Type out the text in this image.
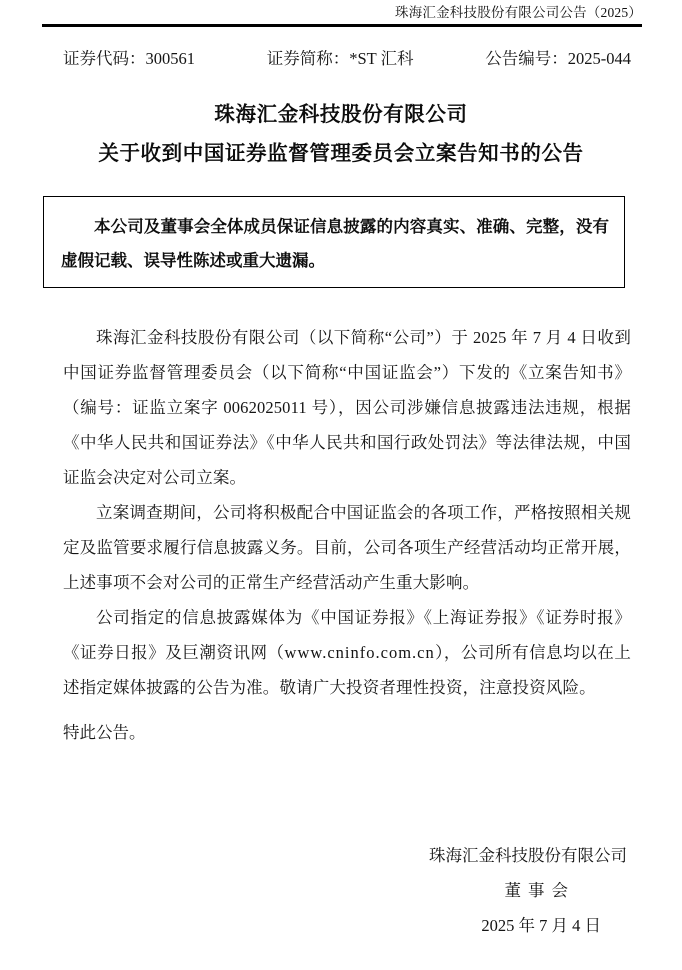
珠海汇金科技股份有限公司公告（2025）
证券代码：300561	证券简称：*ST 汇科	公告编号：2025-044
珠海汇金科技股份有限公司
关于收到中国证券监督管理委员会立案告知书的公告
本公司及董事会全体成员保证信息披露的内容真实、准确、完整，没有虚假记载、误导性陈述或重大遗漏。

珠海汇金科技股份有限公司（以下简称“公司”）于 2025 年 7 月 4 日收到中国证券监督管理委员会（以下简称“中国证监会”）下发的《立案告知书》（编号：证监立案字 0062025011 号），因公司涉嫌信息披露违法违规，根据《中华人民共和国证券法》《中华人民共和国行政处罚法》等法律法规，中国证监会决定对公司立案。

立案调查期间，公司将积极配合中国证监会的各项工作，严格按照相关规定及监管要求履行信息披露义务。目前，公司各项生产经营活动均正常开展，上述事项不会对公司的正常生产经营活动产生重大影响。

公司指定的信息披露媒体为《中国证券报》《上海证券报》《证券时报》《证券日报》及巨潮资讯网（www.cninfo.com.cn），公司所有信息均以在上述指定媒体披露的公告为准。敬请广大投资者理性投资，注意投资风险。

特此公告。

珠海汇金科技股份有限公司
董事会
2025 年 7 月 4 日
